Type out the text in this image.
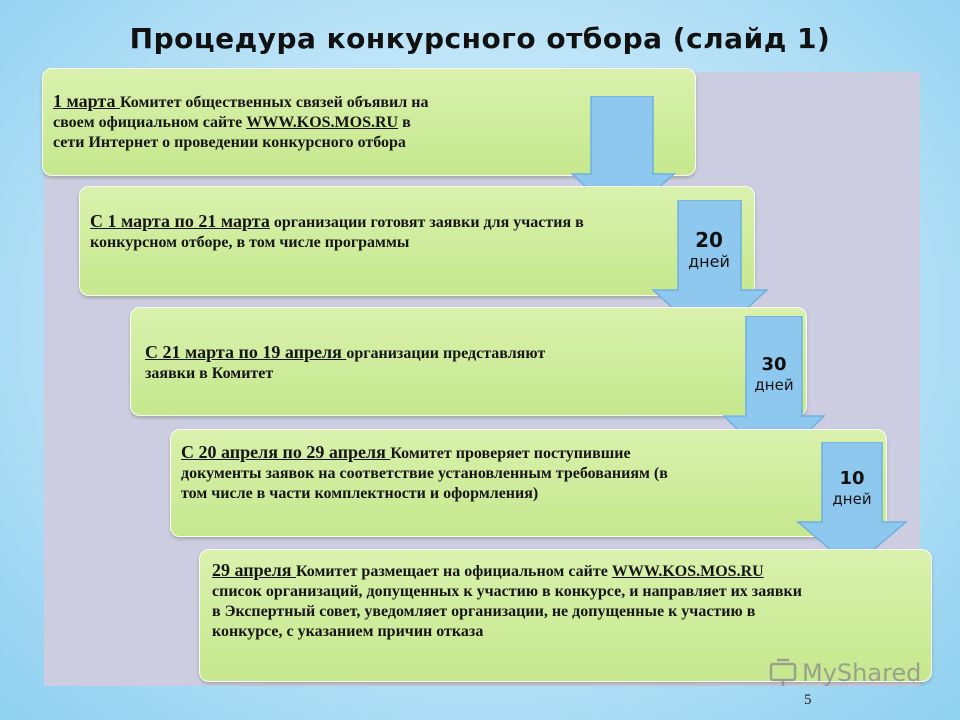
Процедура конкурсного отбора (слайд 1)
1 марта Комитет общественных связей объявил на
своем официальном сайте WWW.KOS.MOS.RU в
сети Интернет о проведении конкурсного отбора
С 1 марта по 21 марта организации готовят заявки для участия в конкурсном отборе, в том числе программы	20
дней
С 21 марта по 19 апреля организации представляют заявки в Комитет	30
дней
С 20 апреля по 29 апреля Комитет проверяет поступившие документы заявок на соответствие установленным требованиям (в том числе в части комплектности и оформления)
10
дней
29 апреля Комитет размещает на официальном сайте WWW.KOS.MOS.RU список организаций, допущенных к участию в конкурсе, и направляет их заявки в Экспертный совет, уведомляет организации, не допущенные к участию в конкурсе, с указанием причин отказа
MyShared
5
